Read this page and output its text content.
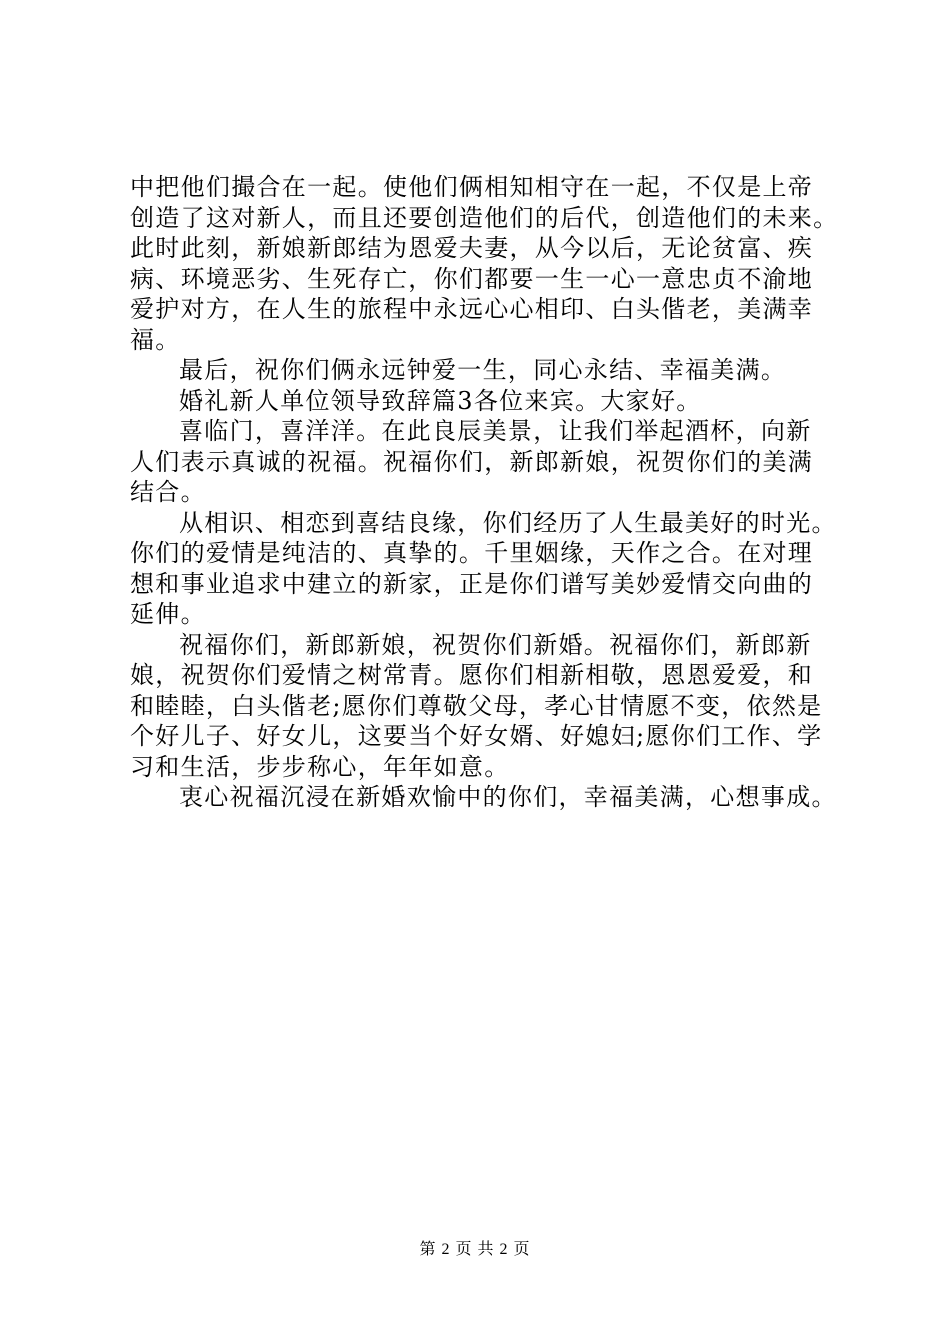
中把他们撮合在一起。使他们俩相知相守在一起，不仅是上帝
创造了这对新人，而且还要创造他们的后代，创造他们的未来。
此时此刻，新娘新郎结为恩爱夫妻，从今以后，无论贫富、疾
病、环境恶劣、生死存亡，你们都要一生一心一意忠贞不渝地
爱护对方，在人生的旅程中永远心心相印、白头偕老，美满幸
福。
最后，祝你们俩永远钟爱一生，同心永结、幸福美满。
婚礼新人单位领导致辞篇3各位来宾。大家好。
喜临门，喜洋洋。在此良辰美景，让我们举起酒杯，向新
人们表示真诚的祝福。祝福你们，新郎新娘，祝贺你们的美满
结合。
从相识、相恋到喜结良缘，你们经历了人生最美好的时光。
你们的爱情是纯洁的、真挚的。千里姻缘，天作之合。在对理
想和事业追求中建立的新家，正是你们谱写美妙爱情交向曲的
延伸。
祝福你们，新郎新娘，祝贺你们新婚。祝福你们，新郎新
娘，祝贺你们爱情之树常青。愿你们相新相敬，恩恩爱爱，和
和睦睦，白头偕老;愿你们尊敬父母，孝心甘情愿不变，依然是
个好儿子、好女儿，这要当个好女婿、好媳妇;愿你们工作、学
习和生活，步步称心，年年如意。
衷心祝福沉浸在新婚欢愉中的你们，幸福美满，心想事成。
第 2 页 共 2 页
